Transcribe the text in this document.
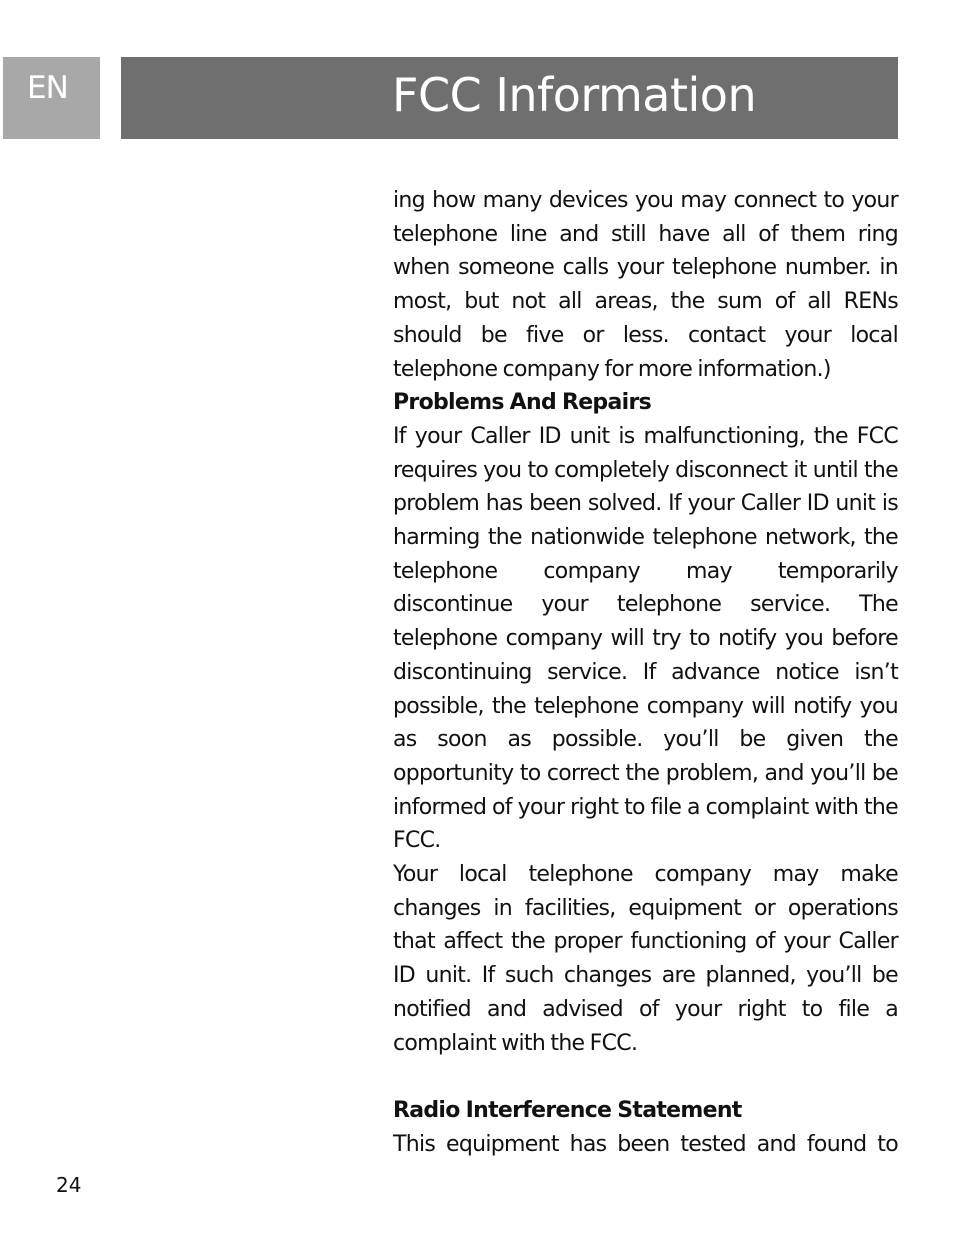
EN	FCC Information

ing how many devices you may connect to your telephone line and still have all of them ring when someone calls your telephone number. in most, but not all areas, the sum of all RENs should be five or less. contact your local telephone company for more information.)

Problems And Repairs

If your Caller ID unit is malfunctioning, the FCC requires you to completely disconnect it until the problem has been solved. If your Caller ID unit is harming the nationwide telephone network, the telephone company may temporarily discontinue your telephone service. The telephone company will try to notify you before discontinuing service. If advance notice isn’t possible, the telephone company will notify you as soon as possible. you’ll be given the opportunity to correct the problem, and you’ll be informed of your right to file a complaint with the FCC.

Your local telephone company may make changes in facilities, equipment or operations that affect the proper functioning of your Caller ID unit. If such changes are planned, you’ll be notified and advised of your right to file a complaint with the FCC.

Radio Interference Statement

This equipment has been tested and found to

24
